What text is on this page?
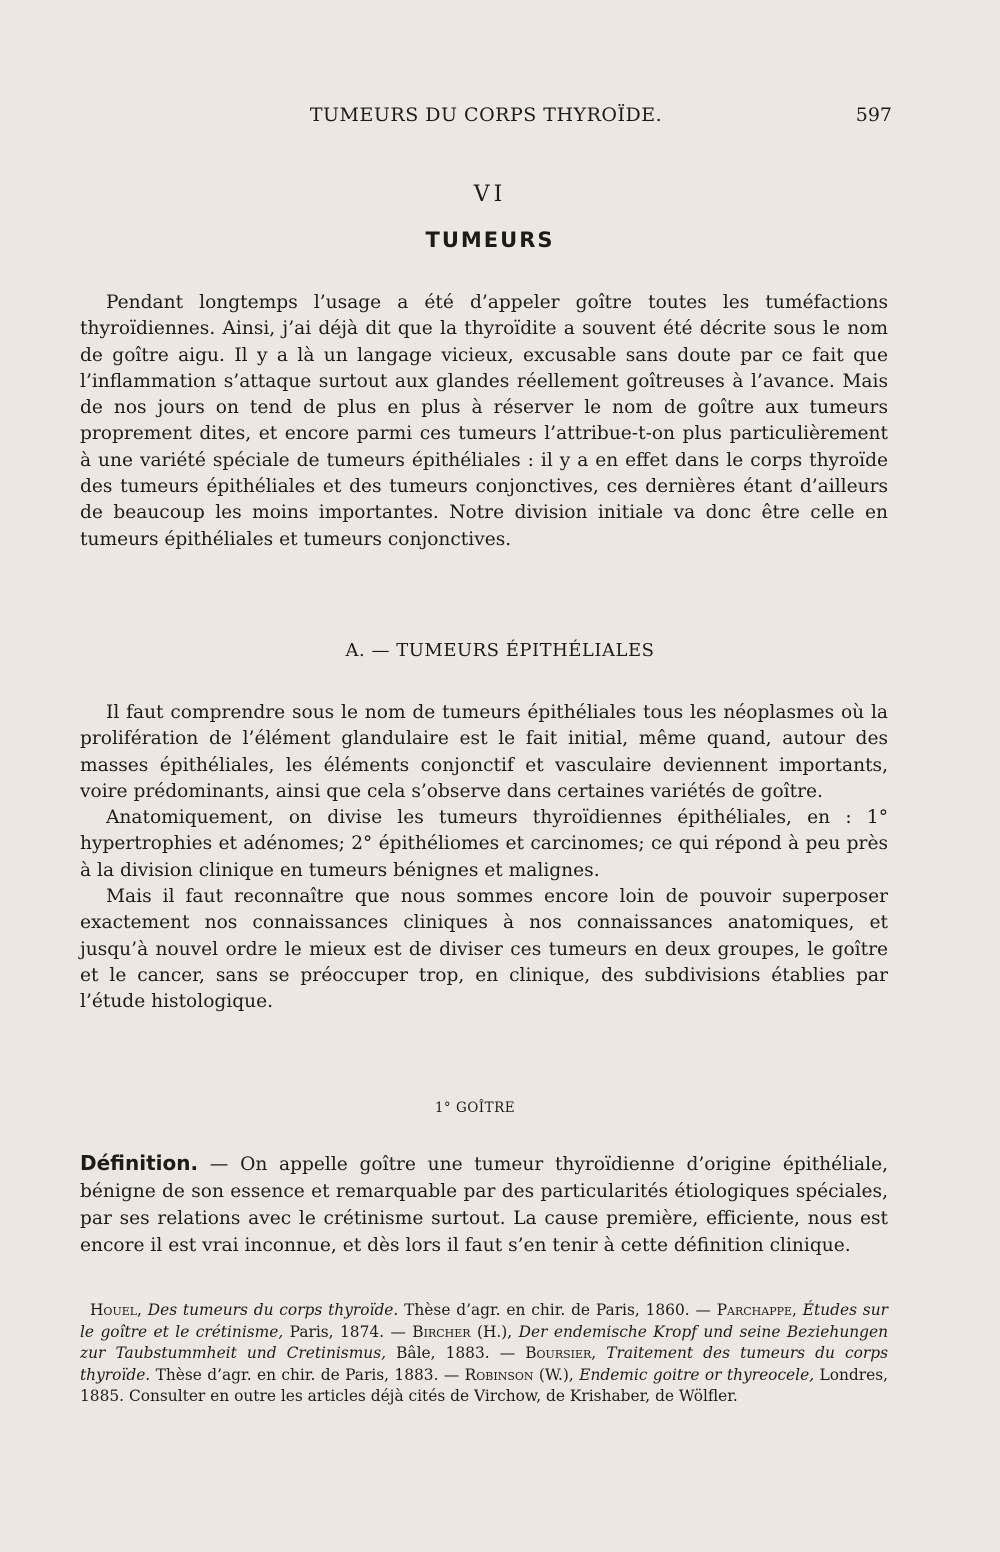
TUMEURS DU CORPS THYROÏDE.	597
VI
TUMEURS

Pendant longtemps l’usage a été d’appeler goître toutes les tuméfactions thyroïdiennes. Ainsi, j’ai déjà dit que la thyroïdite a souvent été décrite sous le nom de goître aigu. Il y a là un langage vicieux, excusable sans doute par ce fait que l’inflammation s’attaque surtout aux glandes réellement goîtreuses à l’avance. Mais de nos jours on tend de plus en plus à réserver le nom de goître aux tumeurs proprement dites, et encore parmi ces tumeurs l’attribue-t-on plus particulièrement à une variété spéciale de tumeurs épithéliales : il y a en effet dans le corps thyroïde des tumeurs épithéliales et des tumeurs conjonctives, ces dernières étant d’ailleurs de beaucoup les moins importantes. Notre division initiale va donc être celle en tumeurs épithéliales et tumeurs conjonctives.

A. — TUMEURS ÉPITHÉLIALES

Il faut comprendre sous le nom de tumeurs épithéliales tous les néoplasmes où la prolifération de l’élément glandulaire est le fait initial, même quand, autour des masses épithéliales, les éléments conjonctif et vasculaire deviennent importants, voire prédominants, ainsi que cela s’observe dans certaines variétés de goître.

Anatomiquement, on divise les tumeurs thyroïdiennes épithéliales, en : 1° hypertrophies et adénomes; 2° épithéliomes et carcinomes; ce qui répond à peu près à la division clinique en tumeurs bénignes et malignes.

Mais il faut reconnaître que nous sommes encore loin de pouvoir superposer exactement nos connaissances cliniques à nos connaissances anatomiques, et jusqu’à nouvel ordre le mieux est de diviser ces tumeurs en deux groupes, le goître et le cancer, sans se préoccuper trop, en clinique, des subdivisions établies par l’étude histologique.

1° GOÎTRE

Définition. — On appelle goître une tumeur thyroïdienne d’origine épithéliale, bénigne de son essence et remarquable par des particularités étiologiques spéciales, par ses relations avec le crétinisme surtout. La cause première, efficiente, nous est encore il est vrai inconnue, et dès lors il faut s’en tenir à cette définition clinique.

Houel, Des tumeurs du corps thyroïde. Thèse d’agr. en chir. de Paris, 1860. — Parchappe, Études sur le goître et le crétinisme, Paris, 1874. — Bircher (H.), Der endemische Kropf und seine Beziehungen zur Taubstummheit und Cretinismus, Bâle, 1883. — Boursier, Traitement des tumeurs du corps thyroïde. Thèse d’agr. en chir. de Paris, 1883. — Robinson (W.), Endemic goitre or thyreocele, Londres, 1885. Consulter en outre les articles déjà cités de Virchow, de Krishaber, de Wölfler.
